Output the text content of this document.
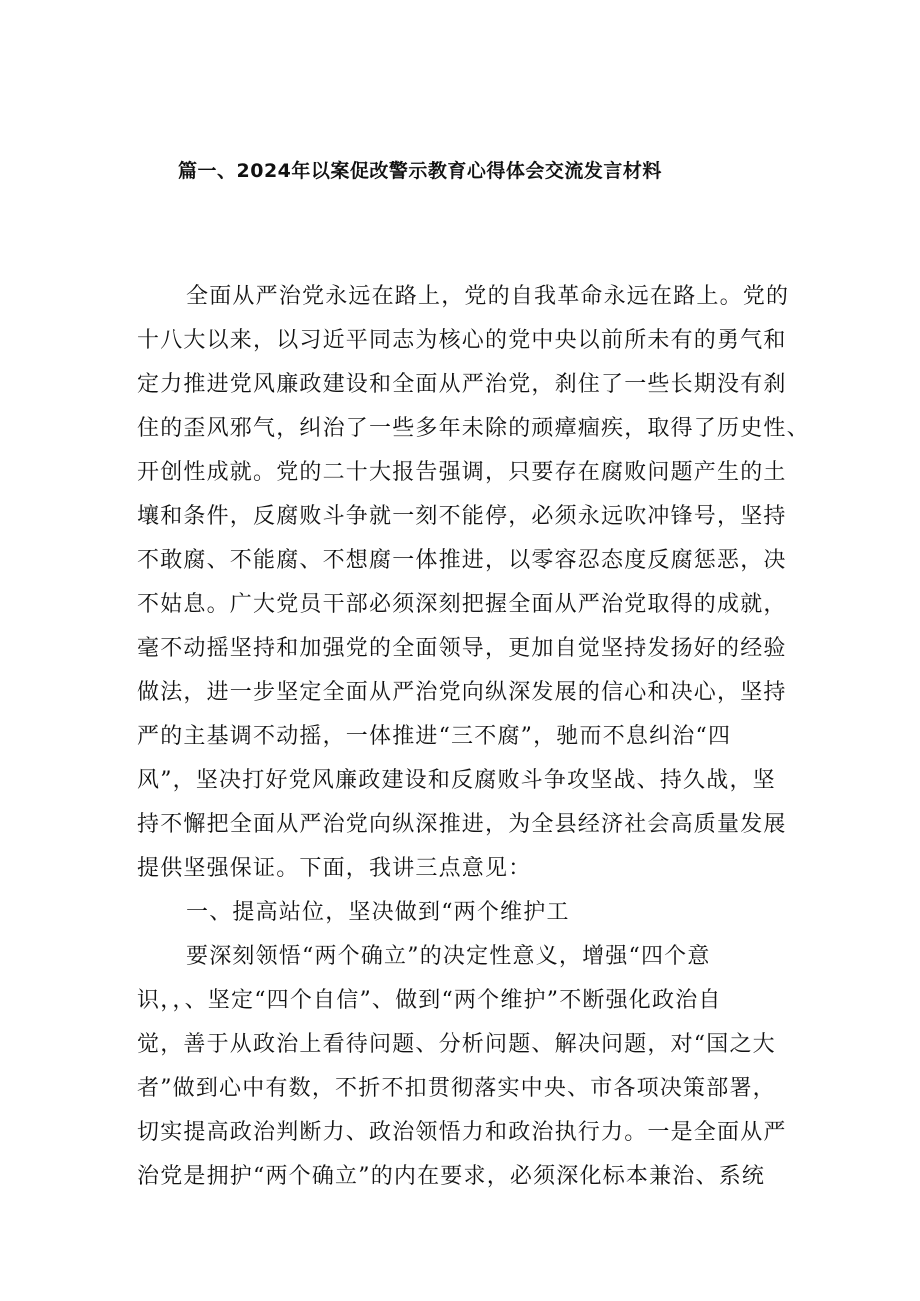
篇一、2024年以案促改警示教育心得体会交流发言材料

全面从严治党永远在路上，党的自我革命永远在路上。党的

十八大以来，以习近平同志为核心的党中央以前所未有的勇气和

定力推进党风廉政建设和全面从严治党，刹住了一些长期没有刹

住的歪风邪气，纠治了一些多年未除的顽瘴痼疾，取得了历史性、

开创性成就。党的二十大报告强调，只要存在腐败问题产生的土

壤和条件，反腐败斗争就一刻不能停，必须永远吹冲锋号，坚持

不敢腐、不能腐、不想腐一体推进，以零容忍态度反腐惩恶，决

不姑息。广大党员干部必须深刻把握全面从严治党取得的成就，

毫不动摇坚持和加强党的全面领导，更加自觉坚持发扬好的经验

做法，进一步坚定全面从严治党向纵深发展的信心和决心，坚持

严的主基调不动摇，一体推进“三不腐”，驰而不息纠治“四

风”，坚决打好党风廉政建设和反腐败斗争攻坚战、持久战，坚

持不懈把全面从严治党向纵深推进，为全县经济社会高质量发展

提供坚强保证。下面，我讲三点意见：

一、提高站位，坚决做到“两个维护工

要深刻领悟“两个确立”的决定性意义，增强“四个意

识，，、坚定“四个自信”、做到“两个维护”不断强化政治自

觉，善于从政治上看待问题、分析问题、解决问题，对“国之大

者”做到心中有数，不折不扣贯彻落实中央、市各项决策部署，

切实提高政治判断力、政治领悟力和政治执行力。一是全面从严

治党是拥护“两个确立”的内在要求，必须深化标本兼治、系统
